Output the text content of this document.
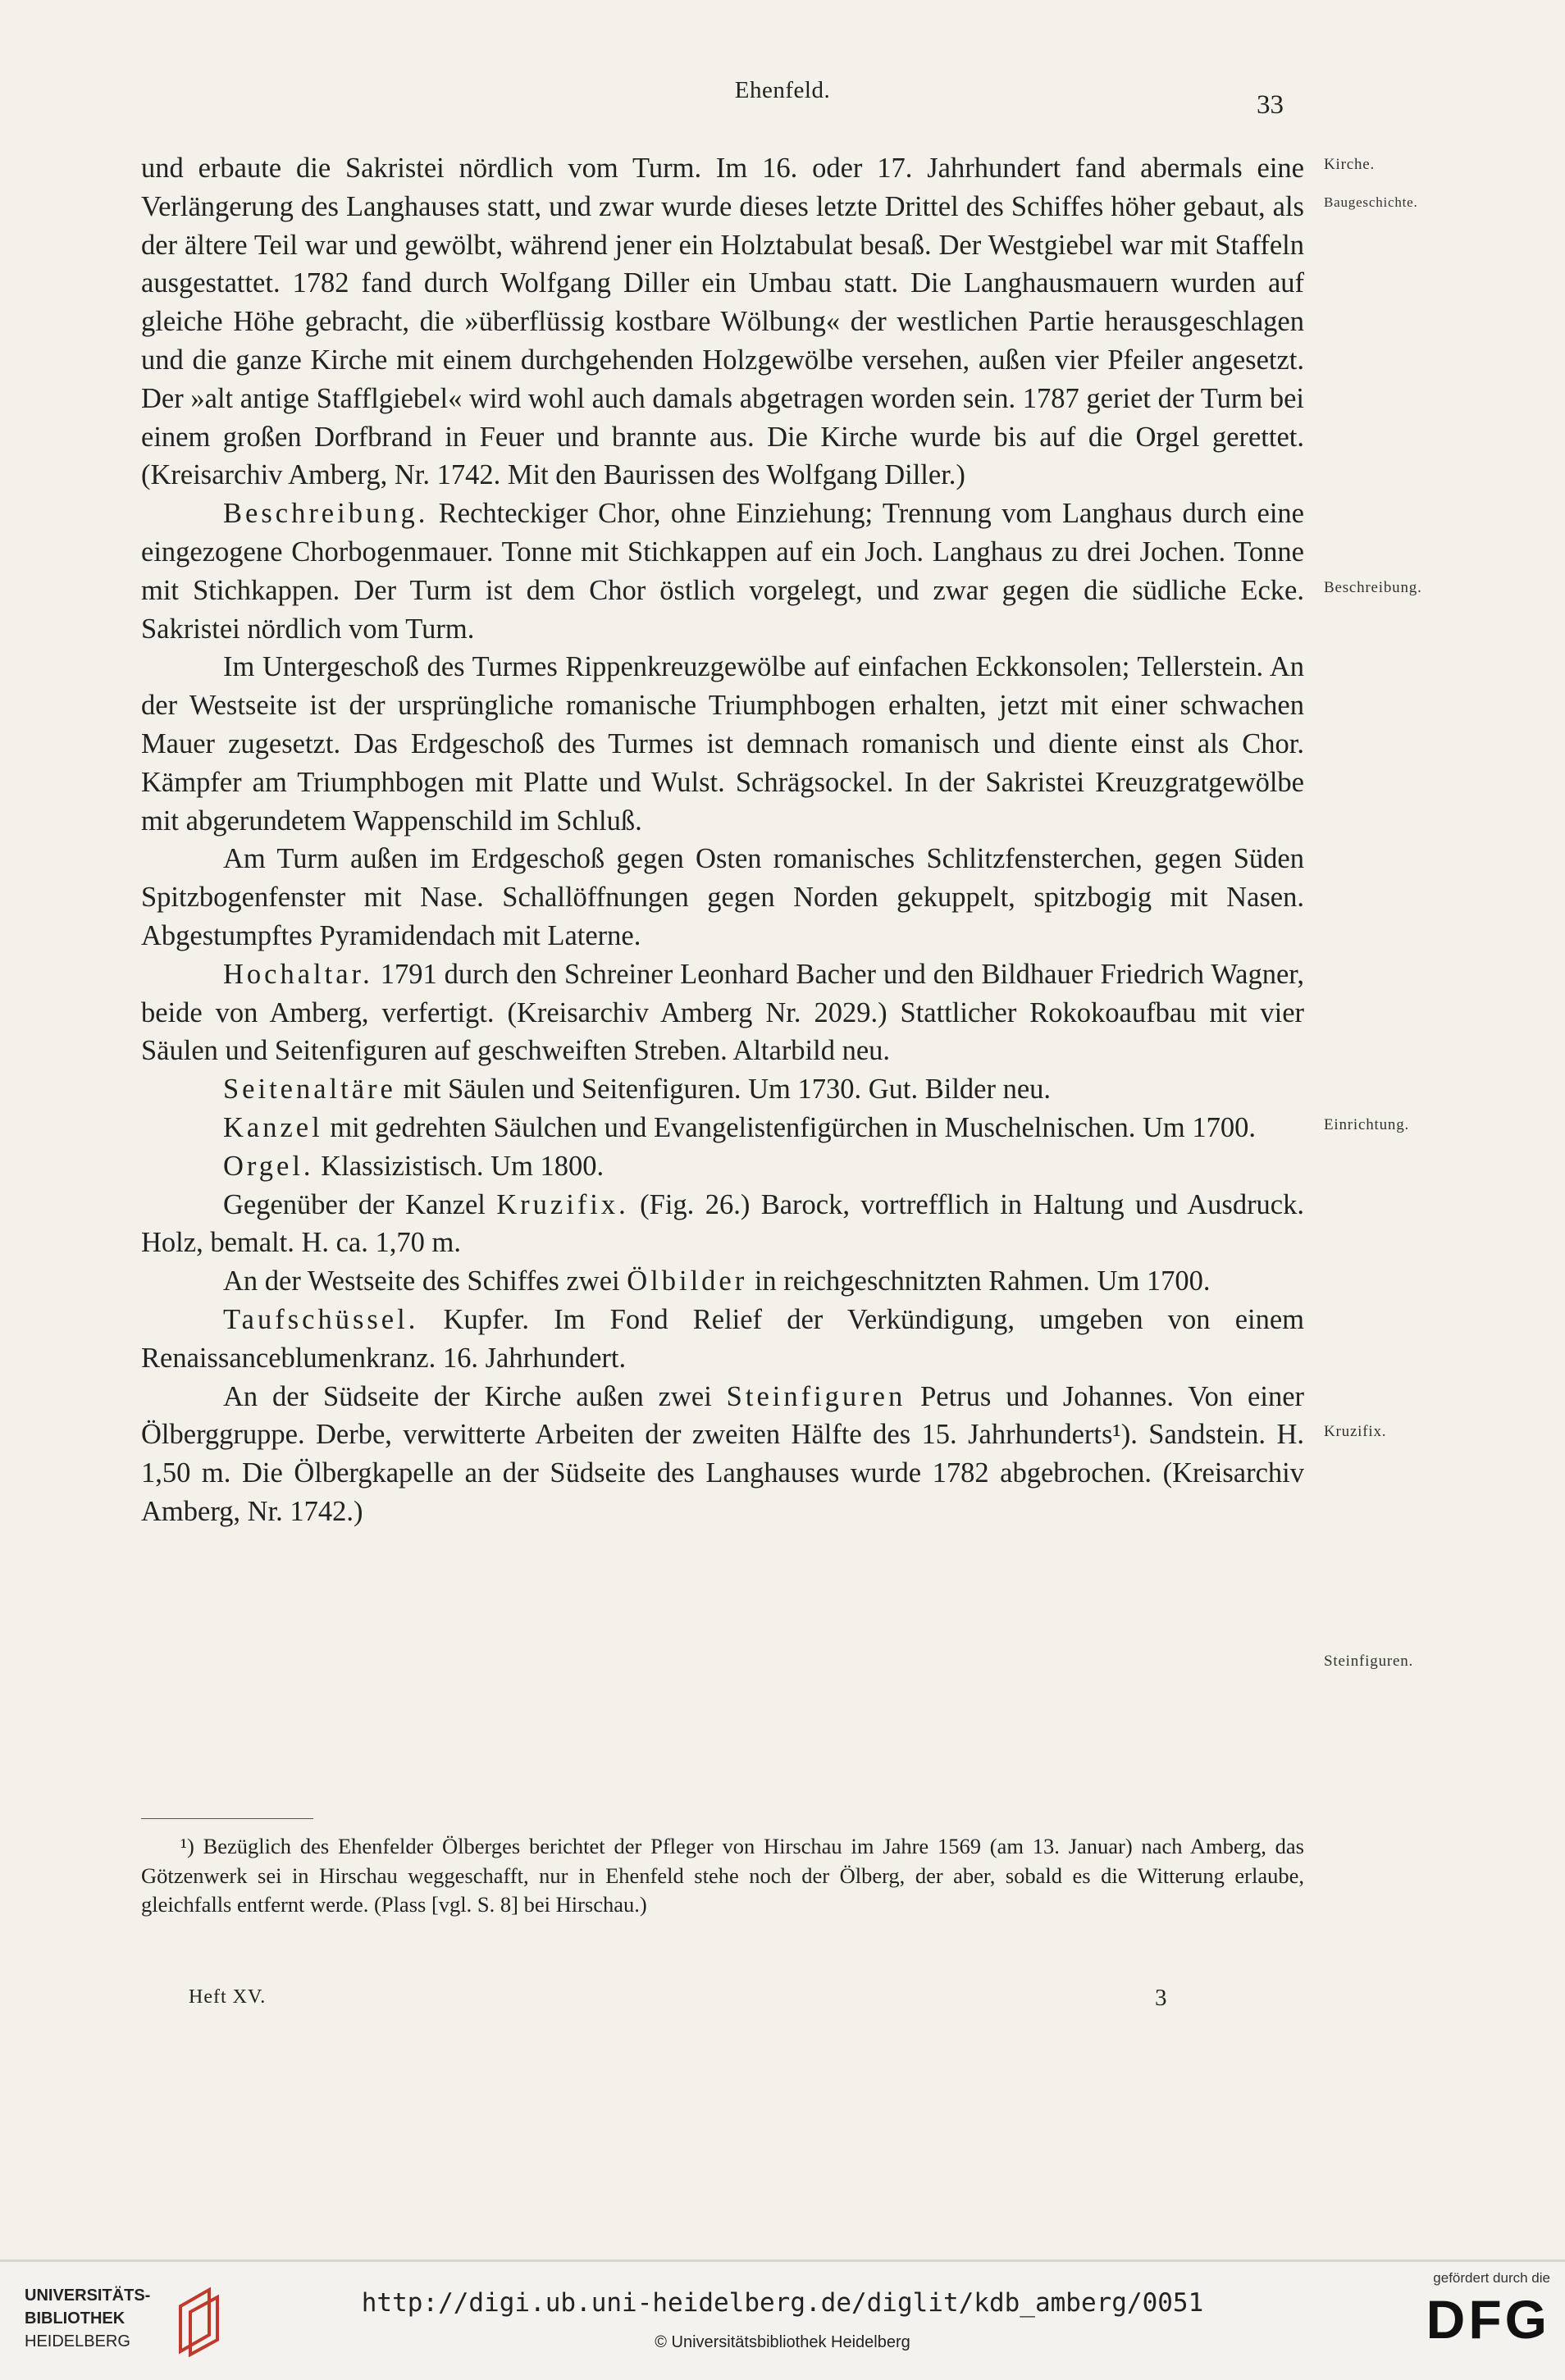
Ehenfeld.	33

und erbaute die Sakristei nördlich vom Turm. Im 16. oder 17. Jahrhundert fand abermals eine Verlängerung des Langhauses statt, und zwar wurde dieses letzte Drittel des Schiffes höher gebaut, als der ältere Teil war und gewölbt, während jener ein Holztabulat besaß. Der Westgiebel war mit Staffeln ausgestattet. 1782 fand durch Wolfgang Diller ein Umbau statt. Die Langhausmauern wurden auf gleiche Höhe gebracht, die »überflüssig kostbare Wölbung« der westlichen Partie herausgeschlagen und die ganze Kirche mit einem durchgehenden Holzgewölbe versehen, außen vier Pfeiler angesetzt. Der »alt antige Stafflgiebel« wird wohl auch damals abgetragen worden sein. 1787 geriet der Turm bei einem großen Dorfbrand in Feuer und brannte aus. Die Kirche wurde bis auf die Orgel gerettet. (Kreisarchiv Amberg, Nr. 1742. Mit den Baurissen des Wolfgang Diller.)

Beschreibung. Rechteckiger Chor, ohne Einziehung; Trennung vom Langhaus durch eine eingezogene Chorbogenmauer. Tonne mit Stichkappen auf ein Joch. Langhaus zu drei Jochen. Tonne mit Stichkappen. Der Turm ist dem Chor östlich vorgelegt, und zwar gegen die südliche Ecke. Sakristei nördlich vom Turm.

Im Untergeschoß des Turmes Rippenkreuzgewölbe auf einfachen Eckkonsolen; Tellerstein. An der Westseite ist der ursprüngliche romanische Triumphbogen erhalten, jetzt mit einer schwachen Mauer zugesetzt. Das Erdgeschoß des Turmes ist demnach romanisch und diente einst als Chor. Kämpfer am Triumphbogen mit Platte und Wulst. Schrägsockel. In der Sakristei Kreuzgratgewölbe mit abgerundetem Wappenschild im Schluß.

Am Turm außen im Erdgeschoß gegen Osten romanisches Schlitzfensterchen, gegen Süden Spitzbogenfenster mit Nase. Schallöffnungen gegen Norden gekuppelt, spitzbogig mit Nasen. Abgestumpftes Pyramidendach mit Laterne.

Hochaltar. 1791 durch den Schreiner Leonhard Bacher und den Bildhauer Friedrich Wagner, beide von Amberg, verfertigt. (Kreisarchiv Amberg Nr. 2029.) Stattlicher Rokokoaufbau mit vier Säulen und Seitenfiguren auf geschweiften Streben. Altarbild neu.

Seitenaltäre mit Säulen und Seitenfiguren. Um 1730. Gut. Bilder neu.

Kanzel mit gedrehten Säulchen und Evangelistenfigürchen in Muschelnischen. Um 1700.

Orgel. Klassizistisch. Um 1800.

Gegenüber der Kanzel Kruzifix. (Fig. 26.) Barock, vortrefflich in Haltung und Ausdruck. Holz, bemalt. H. ca. 1,70 m.

An der Westseite des Schiffes zwei Ölbilder in reichgeschnitzten Rahmen. Um 1700.

Taufschüssel. Kupfer. Im Fond Relief der Verkündigung, umgeben von einem Renaissanceblumenkranz. 16. Jahrhundert.

An der Südseite der Kirche außen zwei Steinfiguren Petrus und Johannes. Von einer Ölberggruppe. Derbe, verwitterte Arbeiten der zweiten Hälfte des 15. Jahrhunderts¹). Sandstein. H. 1,50 m. Die Ölbergkapelle an der Südseite des Langhauses wurde 1782 abgebrochen. (Kreisarchiv Amberg, Nr. 1742.)

Kirche.
Baugeschichte.
Beschreibung.
Einrichtung.
Kruzifix.
Steinfiguren.

¹) Bezüglich des Ehenfelder Ölberges berichtet der Pfleger von Hirschau im Jahre 1569 (am 13. Januar) nach Amberg, das Götzenwerk sei in Hirschau weggeschafft, nur in Ehenfeld stehe noch der Ölberg, der aber, sobald es die Witterung erlaube, gleichfalls entfernt werde. (Plass [vgl. S. 8] bei Hirschau.)

Heft XV.	3
UNIVERSITÄTS-
BIBLIOTHEK
HEIDELBERG
http://digi.ub.uni-heidelberg.de/diglit/kdb_amberg/0051
© Universitätsbibliothek Heidelberg
gefördert durch die
DFG
